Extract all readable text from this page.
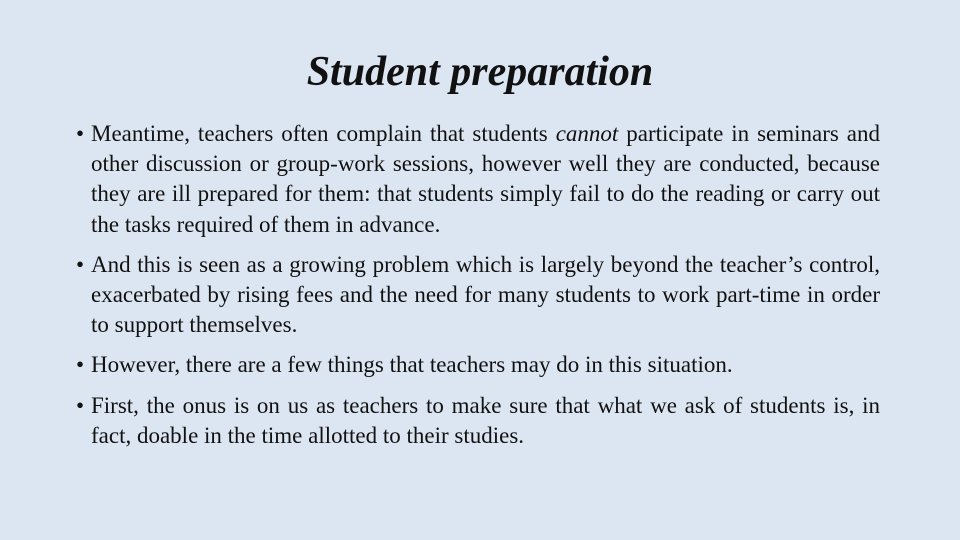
Student preparation
• Meantime, teachers often complain that students cannot participate in seminars and other discussion or group-work sessions, however well they are conducted, because they are ill prepared for them: that students simply fail to do the reading or carry out the tasks required of them in advance.
• And this is seen as a growing problem which is largely beyond the teacher’s control, exacerbated by rising fees and the need for many students to work part-time in order to support themselves.
• However, there are a few things that teachers may do in this situation.
• First, the onus is on us as teachers to make sure that what we ask of students is, in fact, doable in the time allotted to their studies.
